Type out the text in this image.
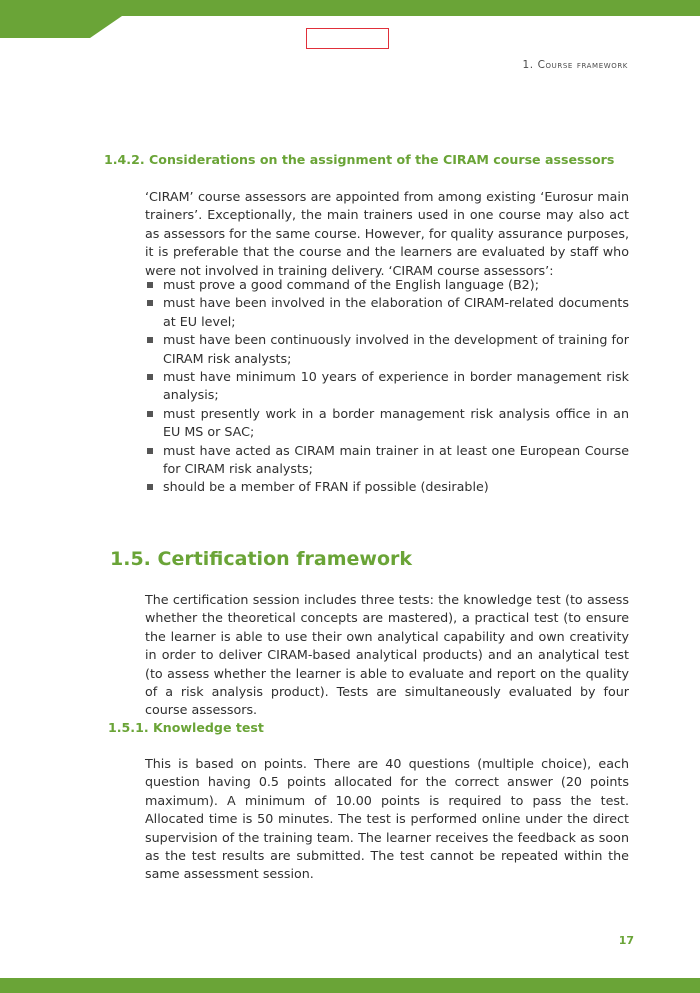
1. Course framework
1.4.2. Considerations on the assignment of the CIRAM course assessors

‘CIRAM’ course assessors are appointed from among existing ‘Eurosur main trainers’. Exceptionally, the main trainers used in one course may also act as assessors for the same course. However, for quality assurance purposes, it is preferable that the course and the learners are evaluated by staff who were not involved in training delivery. ‘CIRAM course assessors’:

must prove a good command of the English language (B2);
must have been involved in the elaboration of CIRAM-related documents at EU level;
must have been continuously involved in the development of training for CIRAM risk analysts;
must have minimum 10 years of experience in border management risk analysis;
must presently work in a border management risk analysis office in an EU MS or SAC;
must have acted as CIRAM main trainer in at least one European Course for CIRAM risk analysts;
should be a member of FRAN if possible (desirable)
1.5. Certification framework

The certification session includes three tests: the knowledge test (to assess whether the theoretical concepts are mastered), a practical test (to ensure the learner is able to use their own analytical capability and own creativity in order to deliver CIRAM-based analytical products) and an analytical test (to assess whether the learner is able to evaluate and report on the quality of a risk analysis product). Tests are simultaneously evaluated by four course assessors.

1.5.1. Knowledge test

This is based on points. There are 40 questions (multiple choice), each question having 0.5 points allocated for the correct answer (20 points maximum). A minimum of 10.00 points is required to pass the test. Allocated time is 50 minutes. The test is performed online under the direct supervision of the training team. The learner receives the feedback as soon as the test results are submitted. The test cannot be repeated within the same assessment session.

17
